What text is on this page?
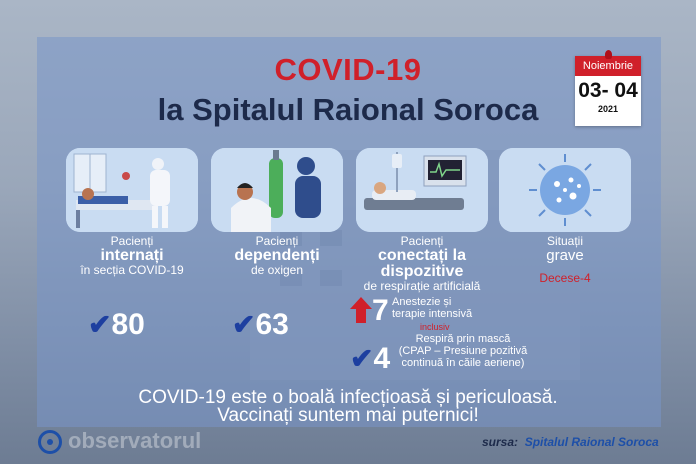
COVID-19
la Spitalul Raional Soroca
Noiembrie
03- 04
2021
Pacienți
internați
în secția COVID-19
Pacienți
dependenți
de oxigen
Pacienți
conectați la
dispozitive
de respirație artificială
Situații
grave
Decese-4
✔80	✔63	7 Anestezie și
terapie intensivă
inclusiv
✔4
Respiră prin mască
(CPAP – Presiune pozitivă
continuă în căile aeriene)
COVID-19 este o boală infecțioasă și periculoasă.
Vaccinați suntem mai puternici!
observatorul	sursa: Spitalul Raional Soroca
